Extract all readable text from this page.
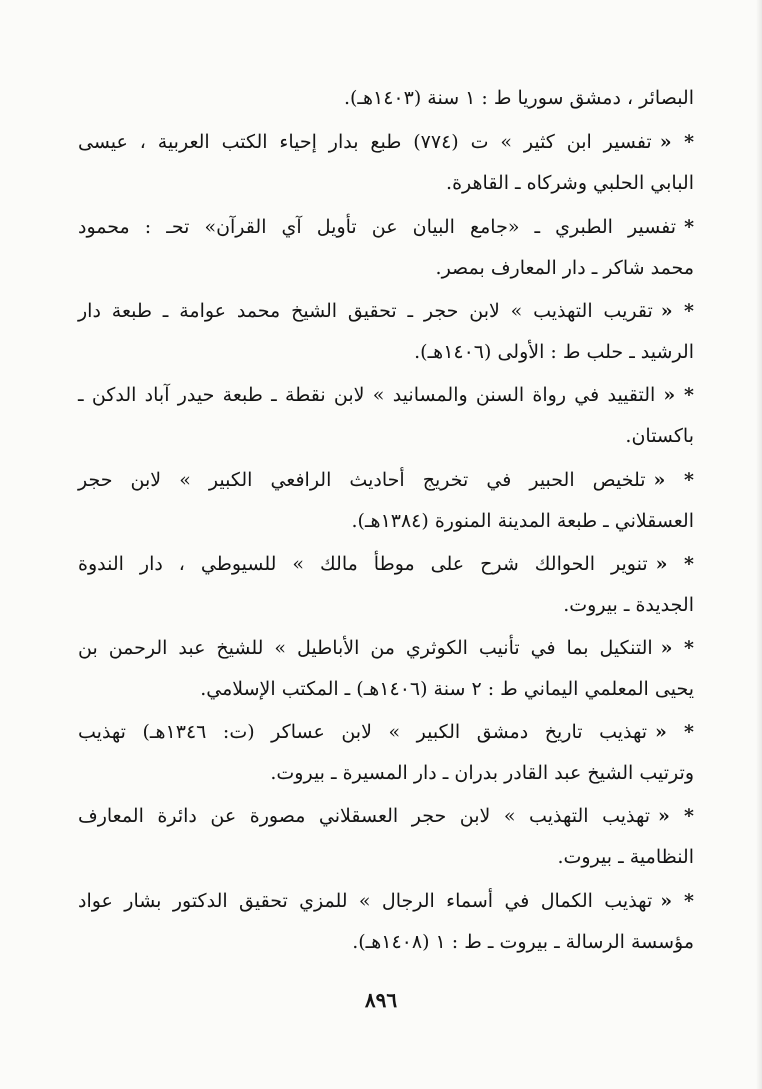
البصائر ، دمشق سوريا ط : ١ سنة (١٤٠٣هـ).
* «تفسير ابن كثير » ت (٧٧٤) طبع بدار إحياء الكتب العربية ، عيسى
البابي الحلبي وشركاه ـ القاهرة.
*تفسير الطبري ـ «جامع البيان عن تأويل آي القرآن» تحـ : محمود
محمد شاكر ـ دار المعارف بمصر.
* «تقريب التهذيب » لابن حجر ـ تحقيق الشيخ محمد عوامة ـ طبعة دار
الرشيد ـ حلب ط : الأولى (١٤٠٦هـ).
* «التقييد في رواة السنن والمسانيد » لابن نقطة ـ طبعة حيدر آباد الدكن ـ
باكستان.
* «تلخيص الحبير في تخريج أحاديث الرافعي الكبير » لابن حجر
العسقلاني ـ طبعة المدينة المنورة (١٣٨٤هـ).
* «تنوير الحوالك شرح على موطأ مالك » للسيوطي ، دار الندوة
الجديدة ـ بيروت.
* «التنكيل بما في تأنيب الكوثري من الأباطيل » للشيخ عبد الرحمن بن
يحيى المعلمي اليماني ط : ٢ سنة (١٤٠٦هـ) ـ المكتب الإسلامي.
* «تهذيب تاريخ دمشق الكبير » لابن عساكر (ت: ١٣٤٦هـ) تهذيب
وترتيب الشيخ عبد القادر بدران ـ دار المسيرة ـ بيروت.
* «تهذيب التهذيب » لابن حجر العسقلاني مصورة عن دائرة المعارف
النظامية ـ بيروت.
* «تهذيب الكمال في أسماء الرجال » للمزي تحقيق الدكتور بشار عواد
مؤسسة الرسالة ـ بيروت ـ ط : ١ (١٤٠٨هـ).
٨٩٦
